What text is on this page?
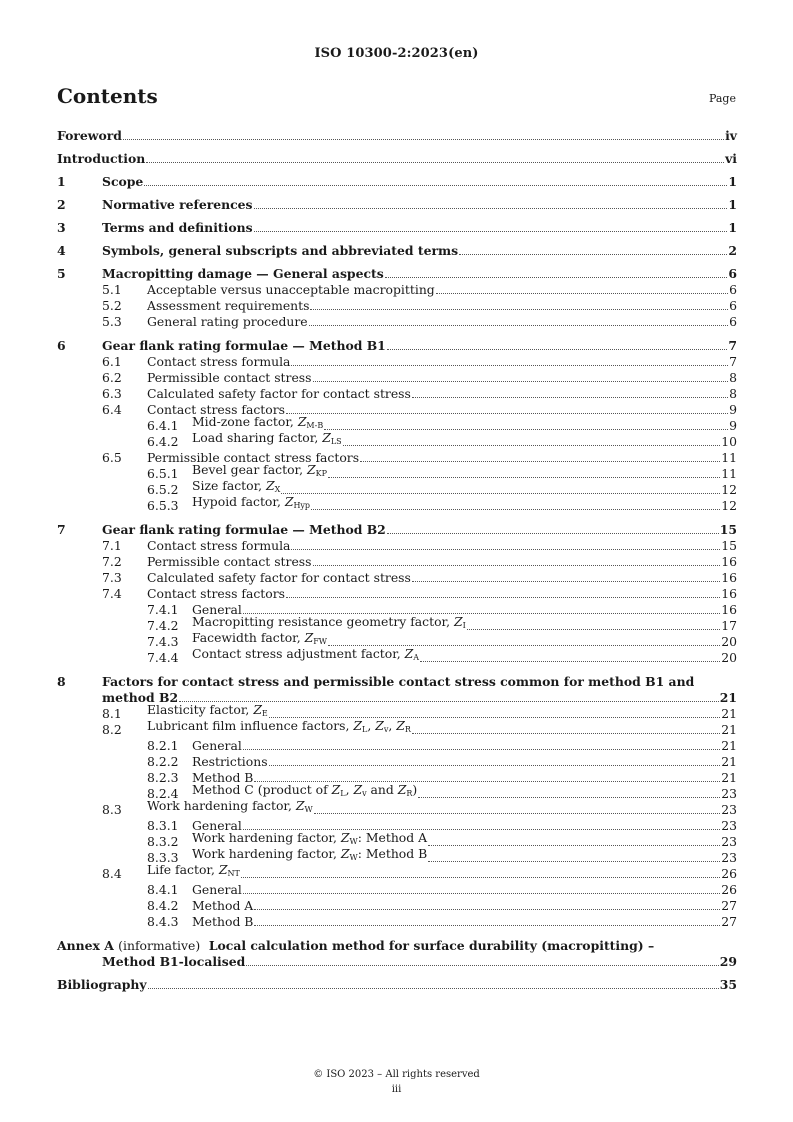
ISO 10300-2:2023(en)
Contents	Page
Foreword	iv
Introduction	vi
1	Scope	1
2	Normative references	1
3	Terms and definitions	1
4	Symbols, general subscripts and abbreviated terms	2
5	Macropitting damage — General aspects	6
5.1	Acceptable versus unacceptable macropitting	6
5.2	Assessment requirements	6
5.3	General rating procedure	6
6	Gear flank rating formulae — Method B1	7
6.1	Contact stress formula	7
6.2	Permissible contact stress	8
6.3	Calculated safety factor for contact stress	8
6.4	Contact stress factors	9
6.4.1	Mid-zone factor, ZM-B	9
6.4.2	Load sharing factor, ZLS	10
6.5	Permissible contact stress factors	11
6.5.1	Bevel gear factor, ZKP	11
6.5.2	Size factor, ZX	12
6.5.3	Hypoid factor, ZHyp	12
7	Gear flank rating formulae — Method B2	15
7.1	Contact stress formula	15
7.2	Permissible contact stress	16
7.3	Calculated safety factor for contact stress	16
7.4	Contact stress factors	16
7.4.1	General	16
7.4.2	Macropitting resistance geometry factor, ZI	17
7.4.3	Facewidth factor, ZFW	20
7.4.4	Contact stress adjustment factor, ZA	20
8	Factors for contact stress and permissible contact stress common for method B1 and
method B2	21
8.1	Elasticity factor, ZE	21
8.2	Lubricant film influence factors, ZL, Zv, ZR	21
8.2.1	General	21
8.2.2	Restrictions	21
8.2.3	Method B	21
8.2.4	Method C (product of ZL, Zv and ZR)	23
8.3	Work hardening factor, ZW	23
8.3.1	General	23
8.3.2	Work hardening factor, ZW: Method A	23
8.3.3	Work hardening factor, ZW: Method B	23
8.4	Life factor, ZNT	26
8.4.1	General	26
8.4.2	Method A	27
8.4.3	Method B	27
Annex A (informative) Local calculation method for surface durability (macropitting) –
Method B1-localised	29
Bibliography	35
© ISO 2023 – All rights reserved
iii
